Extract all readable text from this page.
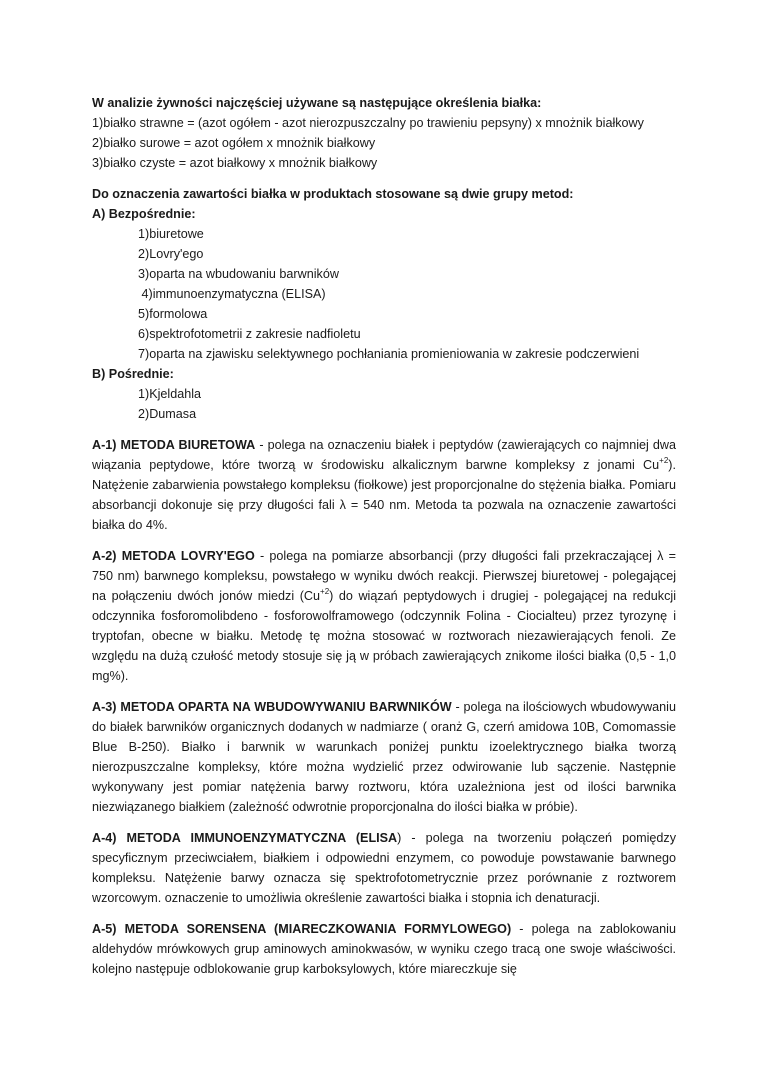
W analizie żywności najczęściej używane są następujące określenia białka:
1)białko strawne = (azot ogółem - azot nierozpuszczalny po trawieniu pepsyny) x mnożnik białkowy
2)białko surowe = azot ogółem x mnożnik białkowy
3)białko czyste = azot białkowy x mnożnik białkowy
Do oznaczenia zawartości białka w produktach stosowane są dwie grupy metod:
A) Bezpośrednie:
1)biuretowe
2)Lovry'ego
3)oparta na wbudowaniu barwników
4)immunoenzymatyczna (ELISA)
5)formolowa
6)spektrofotometrii z zakresie nadfioletu
7)oparta na zjawisku selektywnego pochłaniania promieniowania w zakresie podczerwieni
B) Pośrednie:
1)Kjeldahla
2)Dumasa

A-1) METODA BIURETOWA - polega na oznaczeniu białek i peptydów (zawierających co najmniej dwa wiązania peptydowe, które tworzą w środowisku alkalicznym barwne kompleksy z jonami $Cu^{+2}$). Natężenie zabarwienia powstałego kompleksu (fiołkowe) jest proporcjonalne do stężenia białka. Pomiaru absorbancji dokonuje się przy długości fali λ = 540 nm. Metoda ta pozwala na oznaczenie zawartości białka do 4%.

A-2) METODA LOVRY'EGO - polega na pomiarze absorbancji (przy długości fali przekraczającej λ = 750 nm) barwnego kompleksu, powstałego w wyniku dwóch reakcji. Pierwszej biuretowej - polegającej na połączeniu dwóch jonów miedzi $(Cu^{+2})$ do wiązań peptydowych i drugiej - polegającej na redukcji odczynnika fosforomolibdeno - fosforowolframowego (odczynnik Folina - Ciocialteu) przez tyrozynę i tryptofan, obecne w białku. Metodę tę można stosować w roztworach niezawierających fenoli. Ze względu na dużą czułość metody stosuje się ją w próbach zawierających znikome ilości białka (0,5 - 1,0 mg%).

A-3) METODA OPARTA NA WBUDOWYWANIU BARWNIKÓW - polega na ilościowych wbudowywaniu do białek barwników organicznych dodanych w nadmiarze ( oranż G, czerń amidowa 10B, Comomassie Blue B-250). Białko i barwnik w warunkach poniżej punktu izoelektrycznego białka tworzą nierozpuszczalne kompleksy, które można wydzielić przez odwirowanie lub sączenie. Następnie wykonywany jest pomiar natężenia barwy roztworu, która uzależniona jest od ilości barwnika niezwiązanego białkiem (zależność odwrotnie proporcjonalna do ilości białka w próbie).

A-4) METODA IMMUNOENZYMATYCZNA (ELISA) - polega na tworzeniu połączeń pomiędzy specyficznym przeciwciałem, białkiem i odpowiedni enzymem, co powoduje powstawanie barwnego kompleksu. Natężenie barwy oznacza się spektrofotometrycznie przez porównanie z roztworem wzorcowym. oznaczenie to umożliwia określenie zawartości białka i stopnia ich denaturacji.

A-5) METODA SORENSENA (MIARECZKOWANIA FORMYLOWEGO) - polega na zablokowaniu aldehydów mrówkowych grup aminowych aminokwasów, w wyniku czego tracą one swoje właściwości. kolejno następuje odblokowanie grup karboksylowych, które miareczkuje się
